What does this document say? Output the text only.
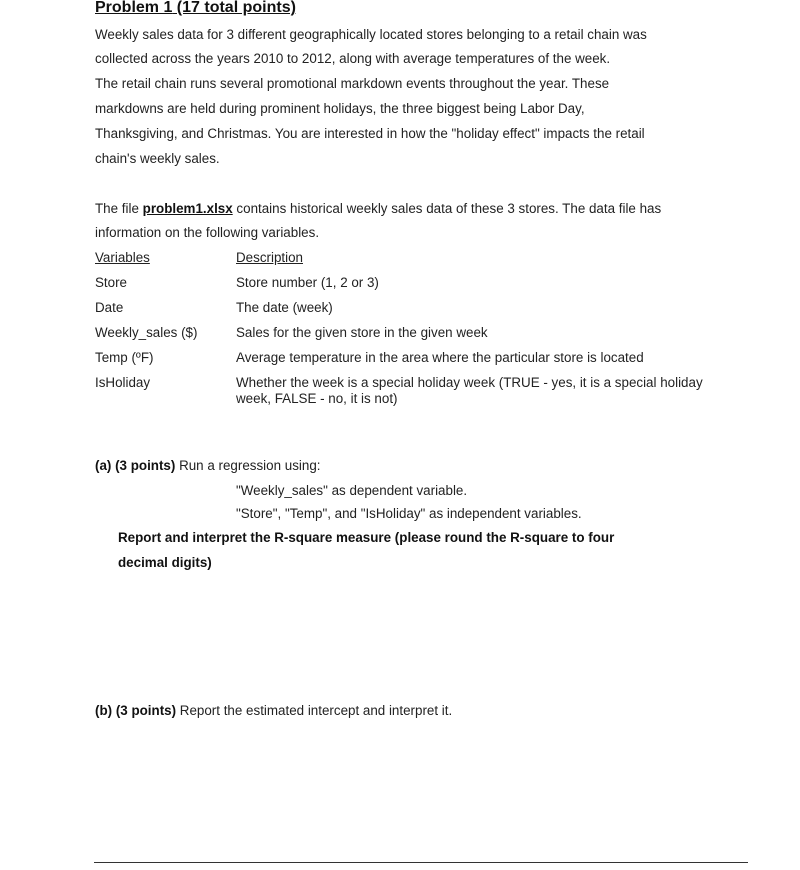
Problem 1 (17 total points)
Weekly sales data for 3 different geographically located stores belonging to a retail chain was
collected across the years 2010 to 2012, along with average temperatures of the week.
The retail chain runs several promotional markdown events throughout the year. These
markdowns are held during prominent holidays, the three biggest being Labor Day,
Thanksgiving, and Christmas. You are interested in how the "holiday effect" impacts the retail
chain's weekly sales.
The file problem1.xlsx contains historical weekly sales data of these 3 stores. The data file has
information on the following variables.
Variables	Description
Store	Store number (1, 2 or 3)
Date	The date (week)
Weekly_sales ($)	Sales for the given store in the given week
Temp (ºF)	Average temperature in the area where the particular store is located
IsHoliday	Whether the week is a special holiday week (TRUE - yes, it is a special holiday week, FALSE - no, it is not)
(a) (3 points) Run a regression using:
"Weekly_sales" as dependent variable.
"Store", "Temp", and "IsHoliday" as independent variables.
Report and interpret the R-square measure (please round the R-square to four
decimal digits)
(b) (3 points) Report the estimated intercept and interpret it.
